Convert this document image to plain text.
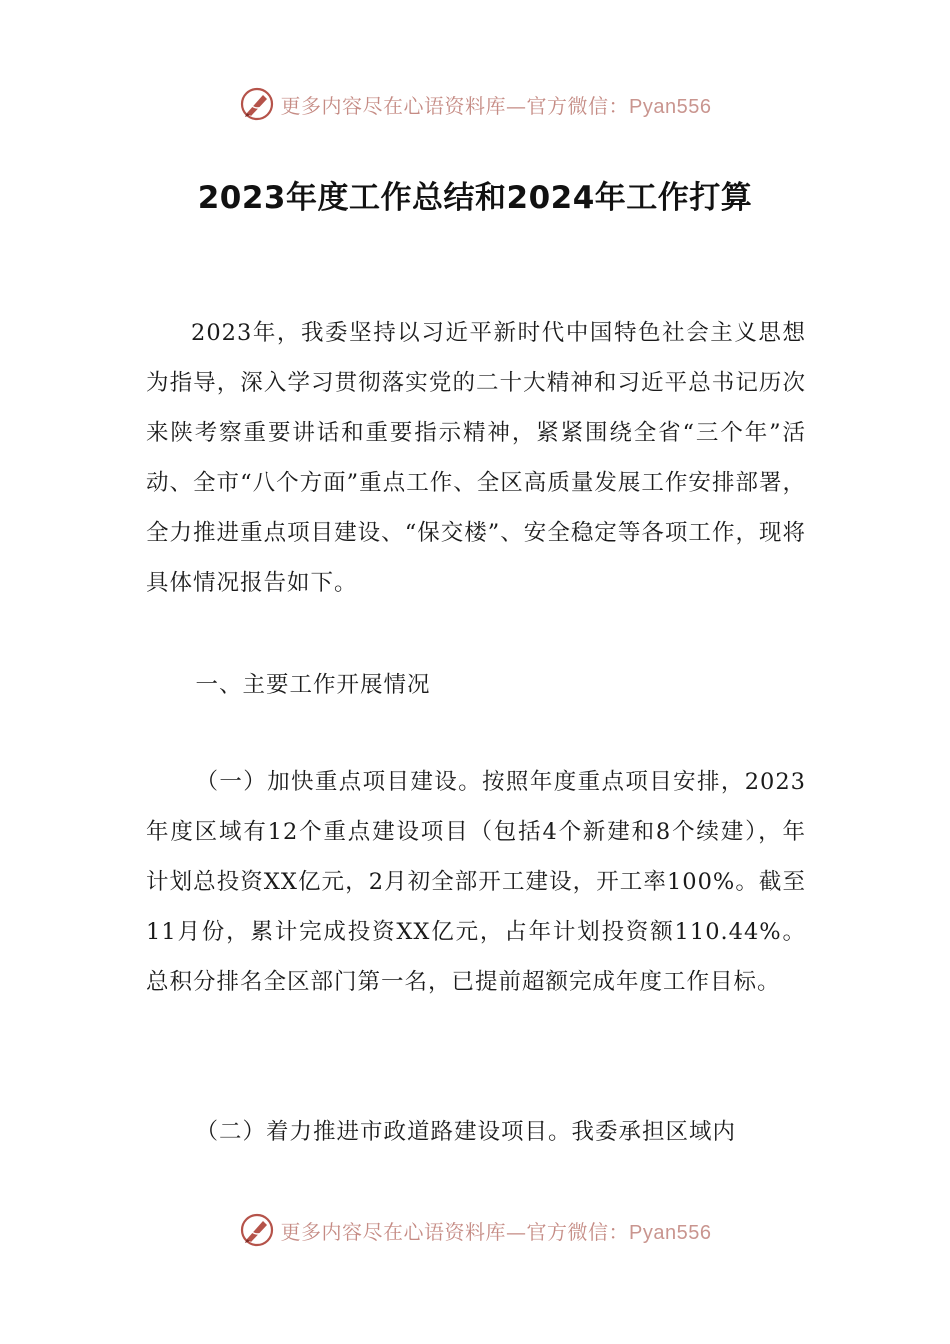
更多内容尽在心语资料库—官方微信：Pyan556
2023年度工作总结和2024年工作打算

2023年，我委坚持以习近平新时代中国特色社会主义思想为指导，深入学习贯彻落实党的二十大精神和习近平总书记历次来陕考察重要讲话和重要指示精神，紧紧围绕全省“三个年”活动、全市“八个方面”重点工作、全区高质量发展工作安排部署，全力推进重点项目建设、“保交楼”、安全稳定等各项工作，现将具体情况报告如下。

一、主要工作开展情况

（一）加快重点项目建设。按照年度重点项目安排，2023年度区域有12个重点建设项目（包括4个新建和8个续建），年计划总投资XX亿元，2月初全部开工建设，开工率100%。截至11月份，累计完成投资XX亿元，占年计划投资额110.44%。总积分排名全区部门第一名，已提前超额完成年度工作目标。

（二）着力推进市政道路建设项目。我委承担区域内

更多内容尽在心语资料库—官方微信：Pyan556
